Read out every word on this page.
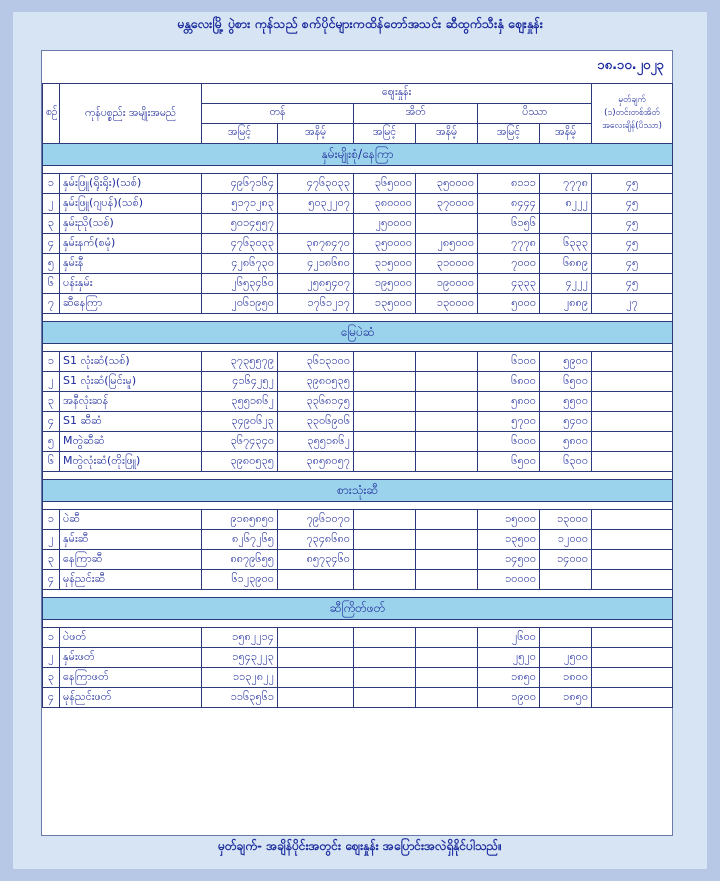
မန္တလေးမြို့ ပွဲစား ကုန်သည် စက်ပိုင်များကထိန်တော်အသင်း ဆီထွက်သီးနှံ ဈေးနှုန်း
၁၈.၁၀.၂၀၂၃
စဉ်	ကုန်ပစ္စည်း အမျိုးအမည်	ဈေးနှုန်း						မှတ်ချက်
(၁)တင်းတစ်အိတ်
အလေးချိန်(ပိဿာ)

		တန်		အိတ်		ပိဿာ		
		အမြင့်	အနိမ့်	အမြင့်	အနိမ့်	အမြင့်	အနိမ့်	
နှမ်းမျိုးစုံ/နေကြာ								

၁	နှမ်းဖြူ(ရိုးရိုး)(သစ်)	၄၉၆၇၁၆၄	၄၇၆၃၀၃၃	၃၆၅၀၀၀	၃၅၀၀၀၀	၈၁၁၁	၇၇၇၈	၄၅
၂	နှမ်းဖြူ(ဂျပန်)(သစ်)	၅၁၇၁၂၈၃	၅၀၃၂၂၀၇	၃၈၀၀၀၀	၃၇၀၀၀၀	၈၄၄၄	၈၂၂၂	၄၅
၃	နှမ်းညို(သစ်)	၅၀၁၄၅၅၇		၂၅၀၀၀၀		၆၁၅၆		၄၅
၄	နှမ်းနက်(စမုံ)	၄၇၆၃၀၃၃	၃၈၇၈၄၇၀	၃၅၀၀၀၀	၂၈၅၀၀၀	၇၇၇၈	၆၃၃၃	၄၅
၅	နှမ်းနီ	၄၂၈၆၇၃၀	၄၂၁၈၆၈၀	၃၁၅၀၀၀	၃၁၀၀၀၀	၇၀၀၀	၆၈၈၉	၄၅
၆	ပန်းနှမ်း	၂၆၅၃၄၆၀	၂၅၈၅၄၀၇	၁၉၅၀၀၀	၁၉၀၀၀၀	၄၃၃၃	၄၂၂၂	၄၅
၇	ဆီနေကြာ	၂၀၆၁၉၅၀	၁၇၆၁၂၁၇	၁၃၅၀၀၀	၁၃၀၀၀၀	၅၀၀၀	၂၈၈၉	၂၇

မြေပဲဆံ								

၁	S1 လုံးဆံ(သစ်)	၃၇၃၅၅၇၉	၃၆၁၃၁၀၀			၆၁၀၀	၅၉၀၀	
၂	S1 လုံးဆံ(မြင်းမူ)	၄၁၆၄၂၅၂	၃၉၈၀၅၃၅			၆၈၀၀	၆၅၀၀	
၃	အနီလုံးဆန်	၃၅၅၁၈၆၂	၃၃၆၈၁၄၅			၅၈၀၀	၅၅၀၀	
၄	S1 ဆီဆံ	၃၄၉၀၆၂၃	၃၃၀၆၉၀၆			၅၇၀၀	၅၄၀၀	
၅	Mတွဲဆီဆံ	၃၆၇၄၃၄၀	၃၅၅၁၈၆၂			၆၀၀၀	၅၈၀၀	
၆	Mတွဲလုံးဆံ(တိုးဖြူ)	၃၉၈၀၅၃၅	၃၈၅၈၀၅၇			၆၅၀၀	၆၃၀၀	

စားသုံးဆီ								

၁	ပဲဆီ	၉၁၈၅၈၅၀	၇၉၆၁၀၇၀			၁၅၀၀၀	၁၃၀၀၀	
၂	နှမ်းဆီ	၈၂၆၇၂၆၅	၇၃၄၈၆၈၀			၁၃၅၀၀	၁၂၀၀၀	
၃	နေကြာဆီ	၈၈၇၉၆၅၅	၈၅၇၃၄၆၀			၁၄၅၀၀	၁၄၀၀၀	
၄	မုန်ညင်းဆီ	၆၁၂၃၉၀၀				၁၀၀၀၀		

ဆီကြိတ်ဖတ်								

၁	ပဲဖတ်	၁၅၈၂၂၁၄				၂၆၀၀		
၂	နှမ်းဖတ်	၁၅၄၃၂၂၃				၂၅၂၀	၂၅၀၀	
၃	နေကြာဖတ်	၁၁၃၂၈၂၂				၁၈၅၀	၁၈၀၀	
၄	မုန်ညင်းဖတ်	၁၁၆၃၅၆၁				၁၉၀၀	၁၈၅၀	
မှတ်ချက်- အချိန်ပိုင်းအတွင်း ဈေးနှုန်း အပြောင်းအလဲရှိနိုင်ပါသည်။
